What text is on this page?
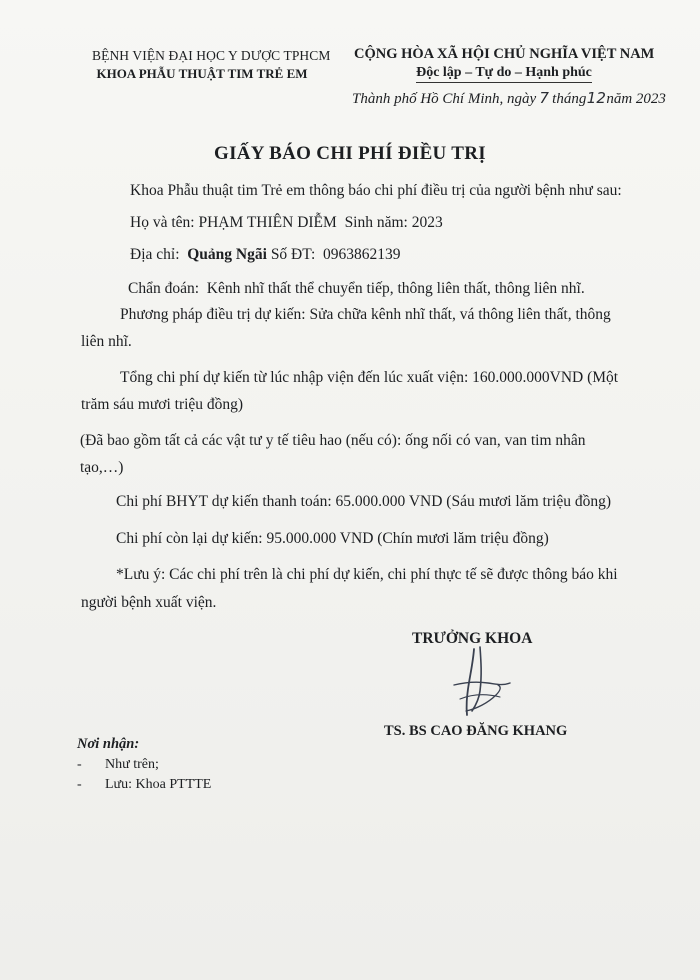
BỆNH VIỆN ĐẠI HỌC Y DƯỢC TPHCM
KHOA PHẪU THUẬT TIM TRẺ EM
CỘNG HÒA XÃ HỘI CHỦ NGHĨA VIỆT NAM
Độc lập – Tự do – Hạnh phúc
Thành phố Hồ Chí Minh, ngày 7 tháng12năm 2023
GIẤY BÁO CHI PHÍ ĐIỀU TRỊ
Khoa Phẫu thuật tim Trẻ em thông báo chi phí điều trị của người bệnh như sau:
Họ và tên: PHẠM THIÊN DIỄM Sinh năm: 2023
Địa chỉ: Quảng Ngãi Số ĐT: 0963862139
Chẩn đoán: Kênh nhĩ thất thể chuyển tiếp, thông liên thất, thông liên nhĩ.
Phương pháp điều trị dự kiến: Sửa chữa kênh nhĩ thất, vá thông liên thất, thông
liên nhĩ.
Tổng chi phí dự kiến từ lúc nhập viện đến lúc xuất viện: 160.000.000VND (Một
trăm sáu mươi triệu đồng)
(Đã bao gồm tất cả các vật tư y tế tiêu hao (nếu có): ống nối có van, van tim nhân
tạo,…)
Chi phí BHYT dự kiến thanh toán: 65.000.000 VND (Sáu mươi lăm triệu đồng)
Chi phí còn lại dự kiến: 95.000.000 VND (Chín mươi lăm triệu đồng)
*Lưu ý: Các chi phí trên là chi phí dự kiến, chi phí thực tế sẽ được thông báo khi
người bệnh xuất viện.
TRƯỞNG KHOA
TS. BS CAO ĐĂNG KHANG
Nơi nhận:
- Như trên;
- Lưu: Khoa PTTTE
